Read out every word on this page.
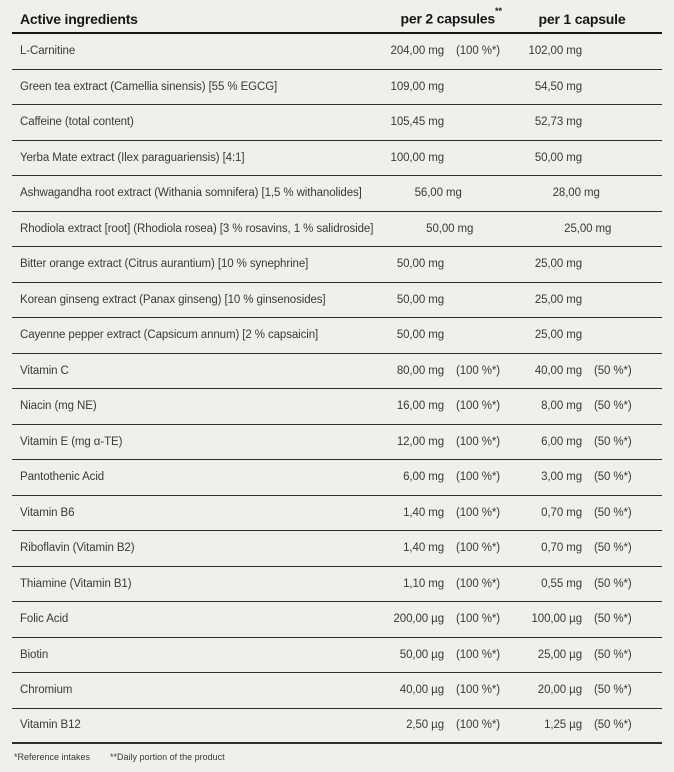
Active ingredients	per 2 capsules**	per 1 capsule
L-Carnitine	204,00 mg	(100 %*)	102,00 mg
Green tea extract (Camellia sinensis) [55 % EGCG]	109,00 mg	54,50 mg
Caffeine (total content)	105,45 mg	52,73 mg
Yerba Mate extract (Ilex paraguariensis) [4:1]	100,00 mg	50,00 mg
Ashwagandha root extract (Withania somnifera) [1,5 % withanolides]	56,00 mg	28,00 mg
Rhodiola extract [root] (Rhodiola rosea) [3 % rosavins, 1 % salidroside]	50,00 mg	25,00 mg
Bitter orange extract (Citrus aurantium) [10 % synephrine]	50,00 mg	25,00 mg
Korean ginseng extract (Panax ginseng) [10 % ginsenosides]	50,00 mg	25,00 mg
Cayenne pepper extract (Capsicum annum) [2 % capsaicin]	50,00 mg	25,00 mg
Vitamin C	80,00 mg	(100 %*)	40,00 mg	(50 %*)
Niacin (mg NE)	16,00 mg	(100 %*)	8,00 mg	(50 %*)
Vitamin E (mg α-TE)	12,00 mg	(100 %*)	6,00 mg	(50 %*)
Pantothenic Acid	6,00 mg	(100 %*)	3,00 mg	(50 %*)
Vitamin B6	1,40 mg	(100 %*)	0,70 mg	(50 %*)
Riboflavin (Vitamin B2)	1,40 mg	(100 %*)	0,70 mg	(50 %*)
Thiamine (Vitamin B1)	1,10 mg	(100 %*)	0,55 mg	(50 %*)
Folic Acid	200,00 µg	(100 %*)	100,00 µg	(50 %*)
Biotin	50,00 µg	(100 %*)	25,00 µg	(50 %*)
Chromium	40,00 µg	(100 %*)	20,00 µg	(50 %*)
Vitamin B12	2,50 µg	(100 %*)	1,25 µg	(50 %*)
*Reference intakes **Daily portion of the product
